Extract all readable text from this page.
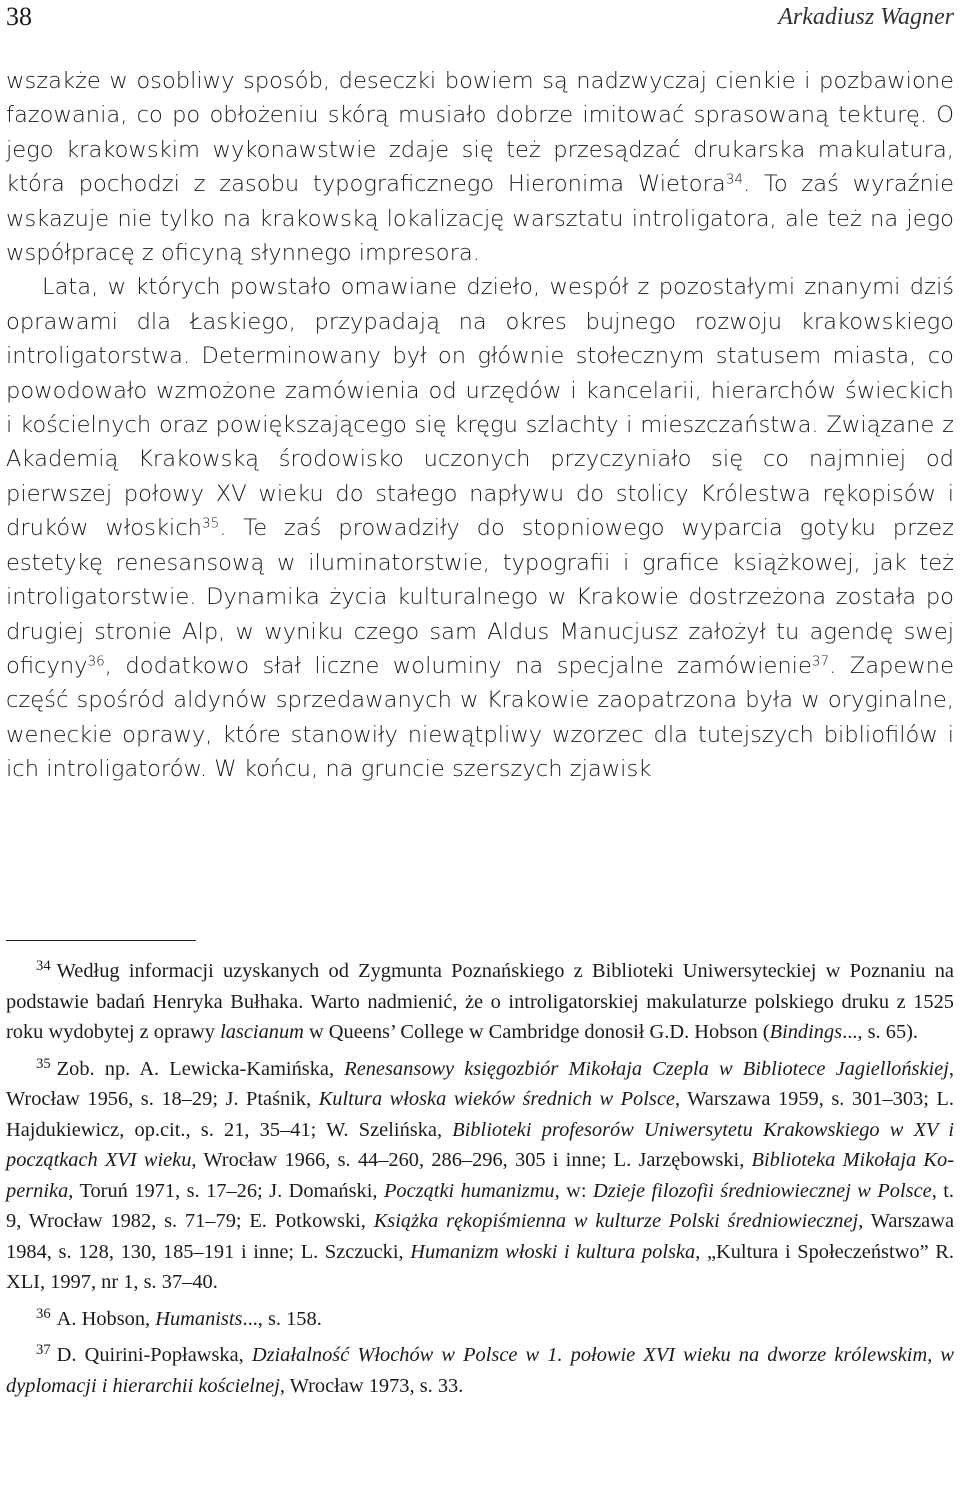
38	Arkadiusz Wagner

wszakże w osobliwy sposób, deseczki bowiem są nadzwyczaj cienkie i pozbawione fazowania, co po obłożeniu skórą musiało dobrze imitować sprasowaną tekturę. O jego krakowskim wykonawstwie zdaje się też przesądzać drukarska makulatura, która pochodzi z zasobu typograficznego Hieronima Wietora$^{34}$. To zaś wyraźnie wskazuje nie tylko na krakowską lokalizację warsztatu introligatora, ale też na jego współpracę z oficyną słynnego impresora.

Lata, w których powstało omawiane dzieło, wespół z pozostałymi znanymi dziś oprawami dla Łaskiego, przypadają na okres bujnego rozwoju krakowskiego introligatorstwa. Determinowany był on głównie stołecznym statusem miasta, co powodowało wzmożone zamówienia od urzędów i kancelarii, hierarchów świeckich i kościelnych oraz powiększającego się kręgu szlachty i mieszczaństwa. Związane z Akademią Krakowską środowisko uczonych przyczyniało się co najmniej od pierwszej połowy XV wieku do stałego napływu do stolicy Królestwa rękopisów i druków włoskich$^{35}$. Te zaś prowadziły do stopniowego wyparcia gotyku przez estetykę renesansową w iluminatorstwie, typografii i grafice książkowej, jak też introligatorstwie. Dynamika życia kulturalnego w Krakowie dostrzeżona została po drugiej stronie Alp, w wyniku czego sam Aldus Manucjusz założył tu agendę swej oficyny$^{36}$, dodatkowo słał liczne woluminy na specjalne zamówienie$^{37}$. Zapewne część spośród aldynów sprzedawanych w Krakowie zaopatrzona była w oryginalne, weneckie oprawy, które stanowiły niewątpliwy wzorzec dla tutejszych bibliofilów i ich introligatorów. W końcu, na gruncie szerszych zjawisk

$^{34}$ Według informacji uzyskanych od Zygmunta Poznańskiego z Biblioteki Uniwersyteckiej w Poznaniu na podstawie badań Henryka Bułhaka. Warto nadmienić, że o introligatorskiej makulaturze polskiego druku z 1525 roku wydobytej z oprawy lascianum w Queens’ College w Cambridge donosił G.D. Hobson (Bindings..., s. 65).

$^{35}$ Zob. np. A. Lewicka-Kamińska, Renesansowy księgozbiór Mikołaja Czepla w Bibliotece Jagiellońskiej, Wrocław 1956, s. 18–29; J. Ptaśnik, Kultura włoska wieków średnich w Polsce, Warszawa 1959, s. 301–303; L. Hajdukiewicz, op.cit., s. 21, 35–41; W. Szelińska, Biblioteki profesorów Uniwersytetu Krakowskiego w XV i początkach XVI wieku, Wrocław 1966, s. 44–260, 286–296, 305 i inne; L. Jarzębowski, Biblioteka Mikołaja Kopernika, Toruń 1971, s. 17–26; J. Domański, Początki humanizmu, w: Dzieje filozofii średniowiecznej w Polsce, t. 9, Wrocław 1982, s. 71–79; E. Potkowski, Książka rękopiśmienna w kulturze Polski średniowiecznej, Warszawa 1984, s. 128, 130, 185–191 i inne; L. Szczucki, Humanizm włoski i kultura polska, „Kultura i Społeczeństwo” R. XLI, 1997, nr 1, s. 37–40.

$^{36}$ A. Hobson, Humanists..., s. 158.

$^{37}$ D. Quirini-Popławska, Działalność Włochów w Polsce w 1. połowie XVI wieku na dworze królewskim, w dyplomacji i hierarchii kościelnej, Wrocław 1973, s. 33.
